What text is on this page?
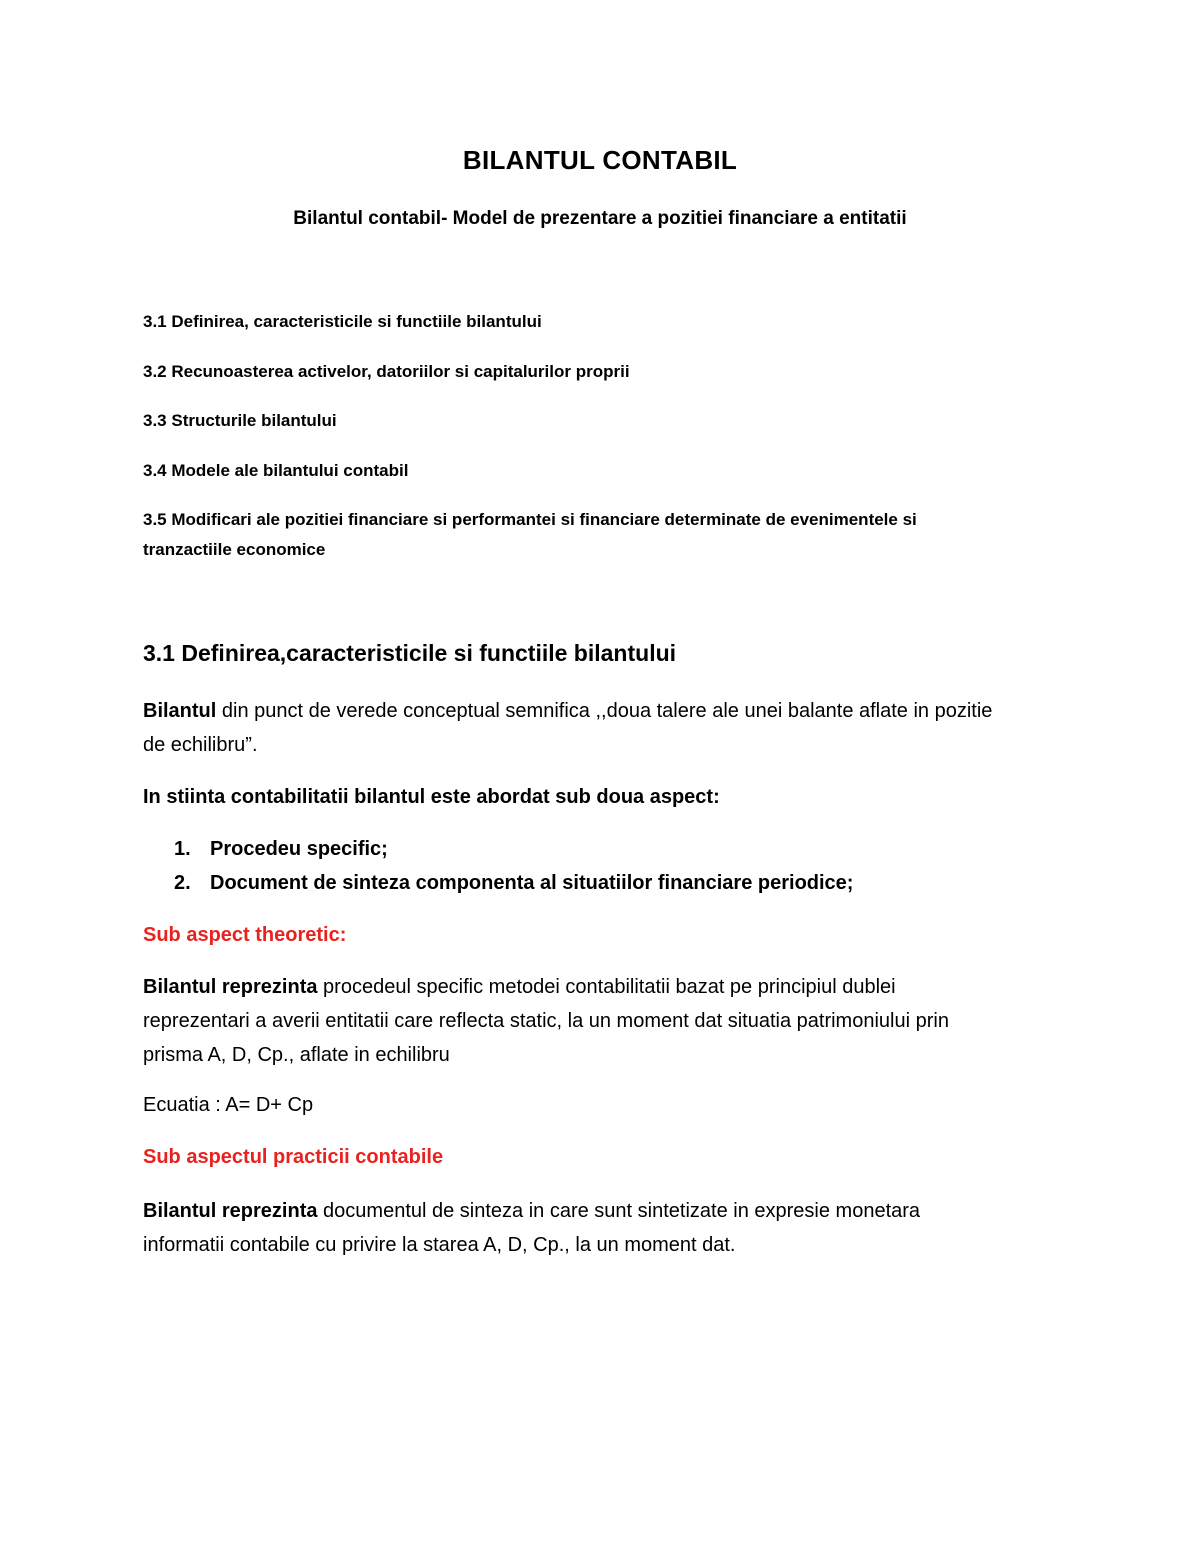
BILANTUL CONTABIL

Bilantul contabil- Model de prezentare a pozitiei financiare a entitatii

3.1 Definirea, caracteristicile si functiile bilantului

3.2 Recunoasterea activelor, datoriilor si capitalurilor proprii

3.3 Structurile bilantului

3.4 Modele ale bilantului contabil

3.5 Modificari ale pozitiei financiare si performantei si financiare determinate de evenimentele si

tranzactiile economice

3.1 Definirea,caracteristicile si functiile bilantului
Bilantul din punct de verede conceptual semnifica ,,doua talere ale unei balante aflate in pozitie
de echilibru”.

In stiinta contabilitatii bilantul este abordat sub doua aspect:

1. Procedeu specific;
2. Document de sinteza componenta al situatiilor financiare periodice;

Sub aspect theoretic:

Bilantul reprezinta procedeul specific metodei contabilitatii bazat pe principiul dublei
reprezentari a averii entitatii care reflecta static, la un moment dat situatia patrimoniului prin
prisma A, D, Cp., aflate in echilibru

Ecuatia : A= D+ Cp

Sub aspectul practicii contabile

Bilantul reprezinta documentul de sinteza in care sunt sintetizate in expresie monetara
informatii contabile cu privire la starea A, D, Cp., la un moment dat.
